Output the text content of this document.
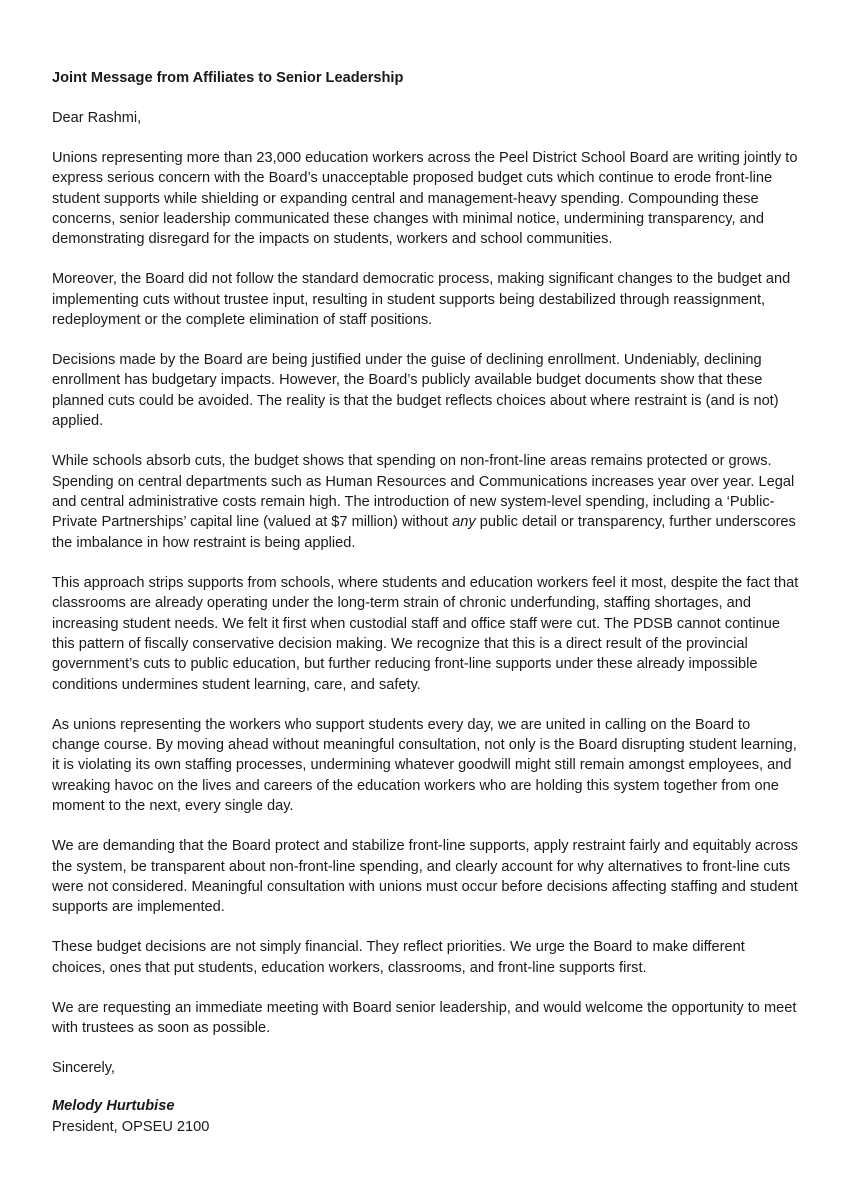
Joint Message from Affiliates to Senior Leadership

Dear Rashmi,

Unions representing more than 23,000 education workers across the Peel District School Board are writing jointly to express serious concern with the Board’s unacceptable proposed budget cuts which continue to erode front-line student supports while shielding or expanding central and management-heavy spending. Compounding these concerns, senior leadership communicated these changes with minimal notice, undermining transparency, and demonstrating disregard for the impacts on students, workers and school communities.

Moreover, the Board did not follow the standard democratic process, making significant changes to the budget and implementing cuts without trustee input, resulting in student supports being destabilized through reassignment, redeployment or the complete elimination of staff positions.

Decisions made by the Board are being justified under the guise of declining enrollment. Undeniably, declining enrollment has budgetary impacts. However, the Board’s publicly available budget documents show that these planned cuts could be avoided. The reality is that the budget reflects choices about where restraint is (and is not) applied.

While schools absorb cuts, the budget shows that spending on non-front-line areas remains protected or grows. Spending on central departments such as Human Resources and Communications increases year over year. Legal and central administrative costs remain high. The introduction of new system-level spending, including a ‘Public-Private Partnerships’ capital line (valued at $7 million) without any public detail or transparency, further underscores the imbalance in how restraint is being applied.

This approach strips supports from schools, where students and education workers feel it most, despite the fact that classrooms are already operating under the long-term strain of chronic underfunding, staffing shortages, and increasing student needs. We felt it first when custodial staff and office staff were cut. The PDSB cannot continue this pattern of fiscally conservative decision making. We recognize that this is a direct result of the provincial government’s cuts to public education, but further reducing front-line supports under these already impossible conditions undermines student learning, care, and safety.

As unions representing the workers who support students every day, we are united in calling on the Board to change course. By moving ahead without meaningful consultation, not only is the Board disrupting student learning, it is violating its own staffing processes, undermining whatever goodwill might still remain amongst employees, and wreaking havoc on the lives and careers of the education workers who are holding this system together from one moment to the next, every single day.

We are demanding that the Board protect and stabilize front-line supports, apply restraint fairly and equitably across the system, be transparent about non-front-line spending, and clearly account for why alternatives to front-line cuts were not considered. Meaningful consultation with unions must occur before decisions affecting staffing and student supports are implemented.

These budget decisions are not simply financial. They reflect priorities. We urge the Board to make different choices, ones that put students, education workers, classrooms, and front-line supports first.

We are requesting an immediate meeting with Board senior leadership, and would welcome the opportunity to meet with trustees as soon as possible.

Sincerely,

Melody Hurtubise

President, OPSEU 2100
